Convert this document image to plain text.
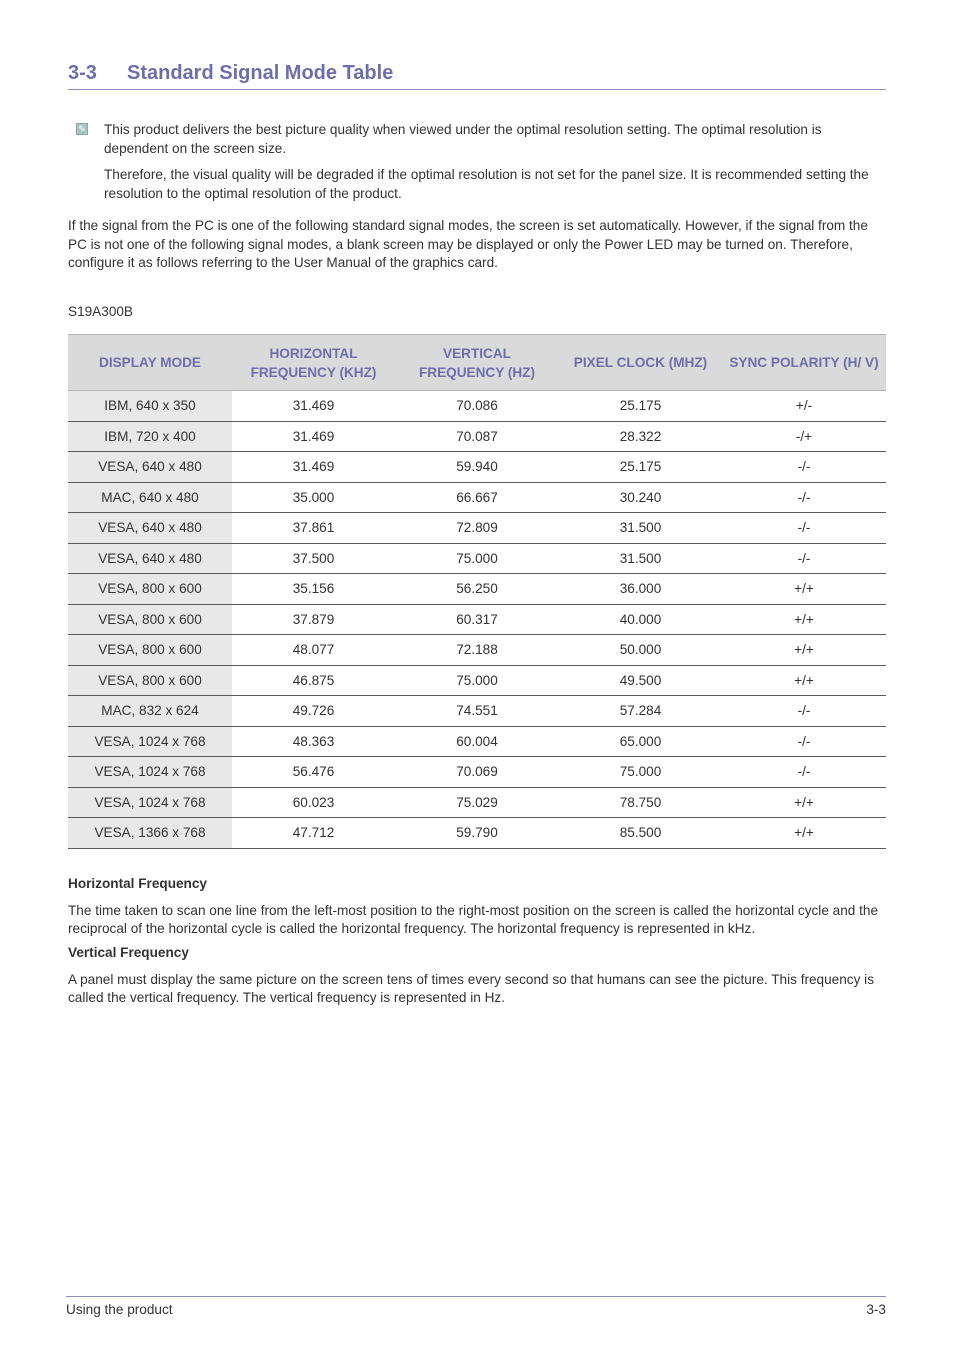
3-3 Standard Signal Mode Table
✎ This product delivers the best picture quality when viewed under the optimal resolution setting. The optimal resolution is dependent on the screen size.

Therefore, the visual quality will be degraded if the optimal resolution is not set for the panel size. It is recommended setting the resolution to the optimal resolution of the product.

If the signal from the PC is one of the following standard signal modes, the screen is set automatically. However, if the signal from the PC is not one of the following signal modes, a blank screen may be displayed or only the Power LED may be turned on. Therefore, configure it as follows referring to the User Manual of the graphics card.

S19A300B
DISPLAY MODE	HORIZONTAL FREQUENCY (KHZ)	VERTICAL FREQUENCY (HZ)	PIXEL CLOCK (MHZ)	SYNC POLARITY (H/ V)
IBM, 640 x 350	31.469	70.086	25.175	+/-
IBM, 720 x 400	31.469	70.087	28.322	-/+
VESA, 640 x 480	31.469	59.940	25.175	-/-
MAC, 640 x 480	35.000	66.667	30.240	-/-
VESA, 640 x 480	37.861	72.809	31.500	-/-
VESA, 640 x 480	37.500	75.000	31.500	-/-
VESA, 800 x 600	35.156	56.250	36.000	+/+
VESA, 800 x 600	37.879	60.317	40.000	+/+
VESA, 800 x 600	48.077	72.188	50.000	+/+
VESA, 800 x 600	46.875	75.000	49.500	+/+
MAC, 832 x 624	49.726	74.551	57.284	-/-
VESA, 1024 x 768	48.363	60.004	65.000	-/-
VESA, 1024 x 768	56.476	70.069	75.000	-/-
VESA, 1024 x 768	60.023	75.029	78.750	+/+
VESA, 1366 x 768	47.712	59.790	85.500	+/+
Horizontal Frequency

The time taken to scan one line from the left-most position to the right-most position on the screen is called the horizontal cycle and the reciprocal of the horizontal cycle is called the horizontal frequency. The horizontal frequency is represented in kHz.

Vertical Frequency

A panel must display the same picture on the screen tens of times every second so that humans can see the picture. This frequency is called the vertical frequency. The vertical frequency is represented in Hz.

Using the product	3-3
